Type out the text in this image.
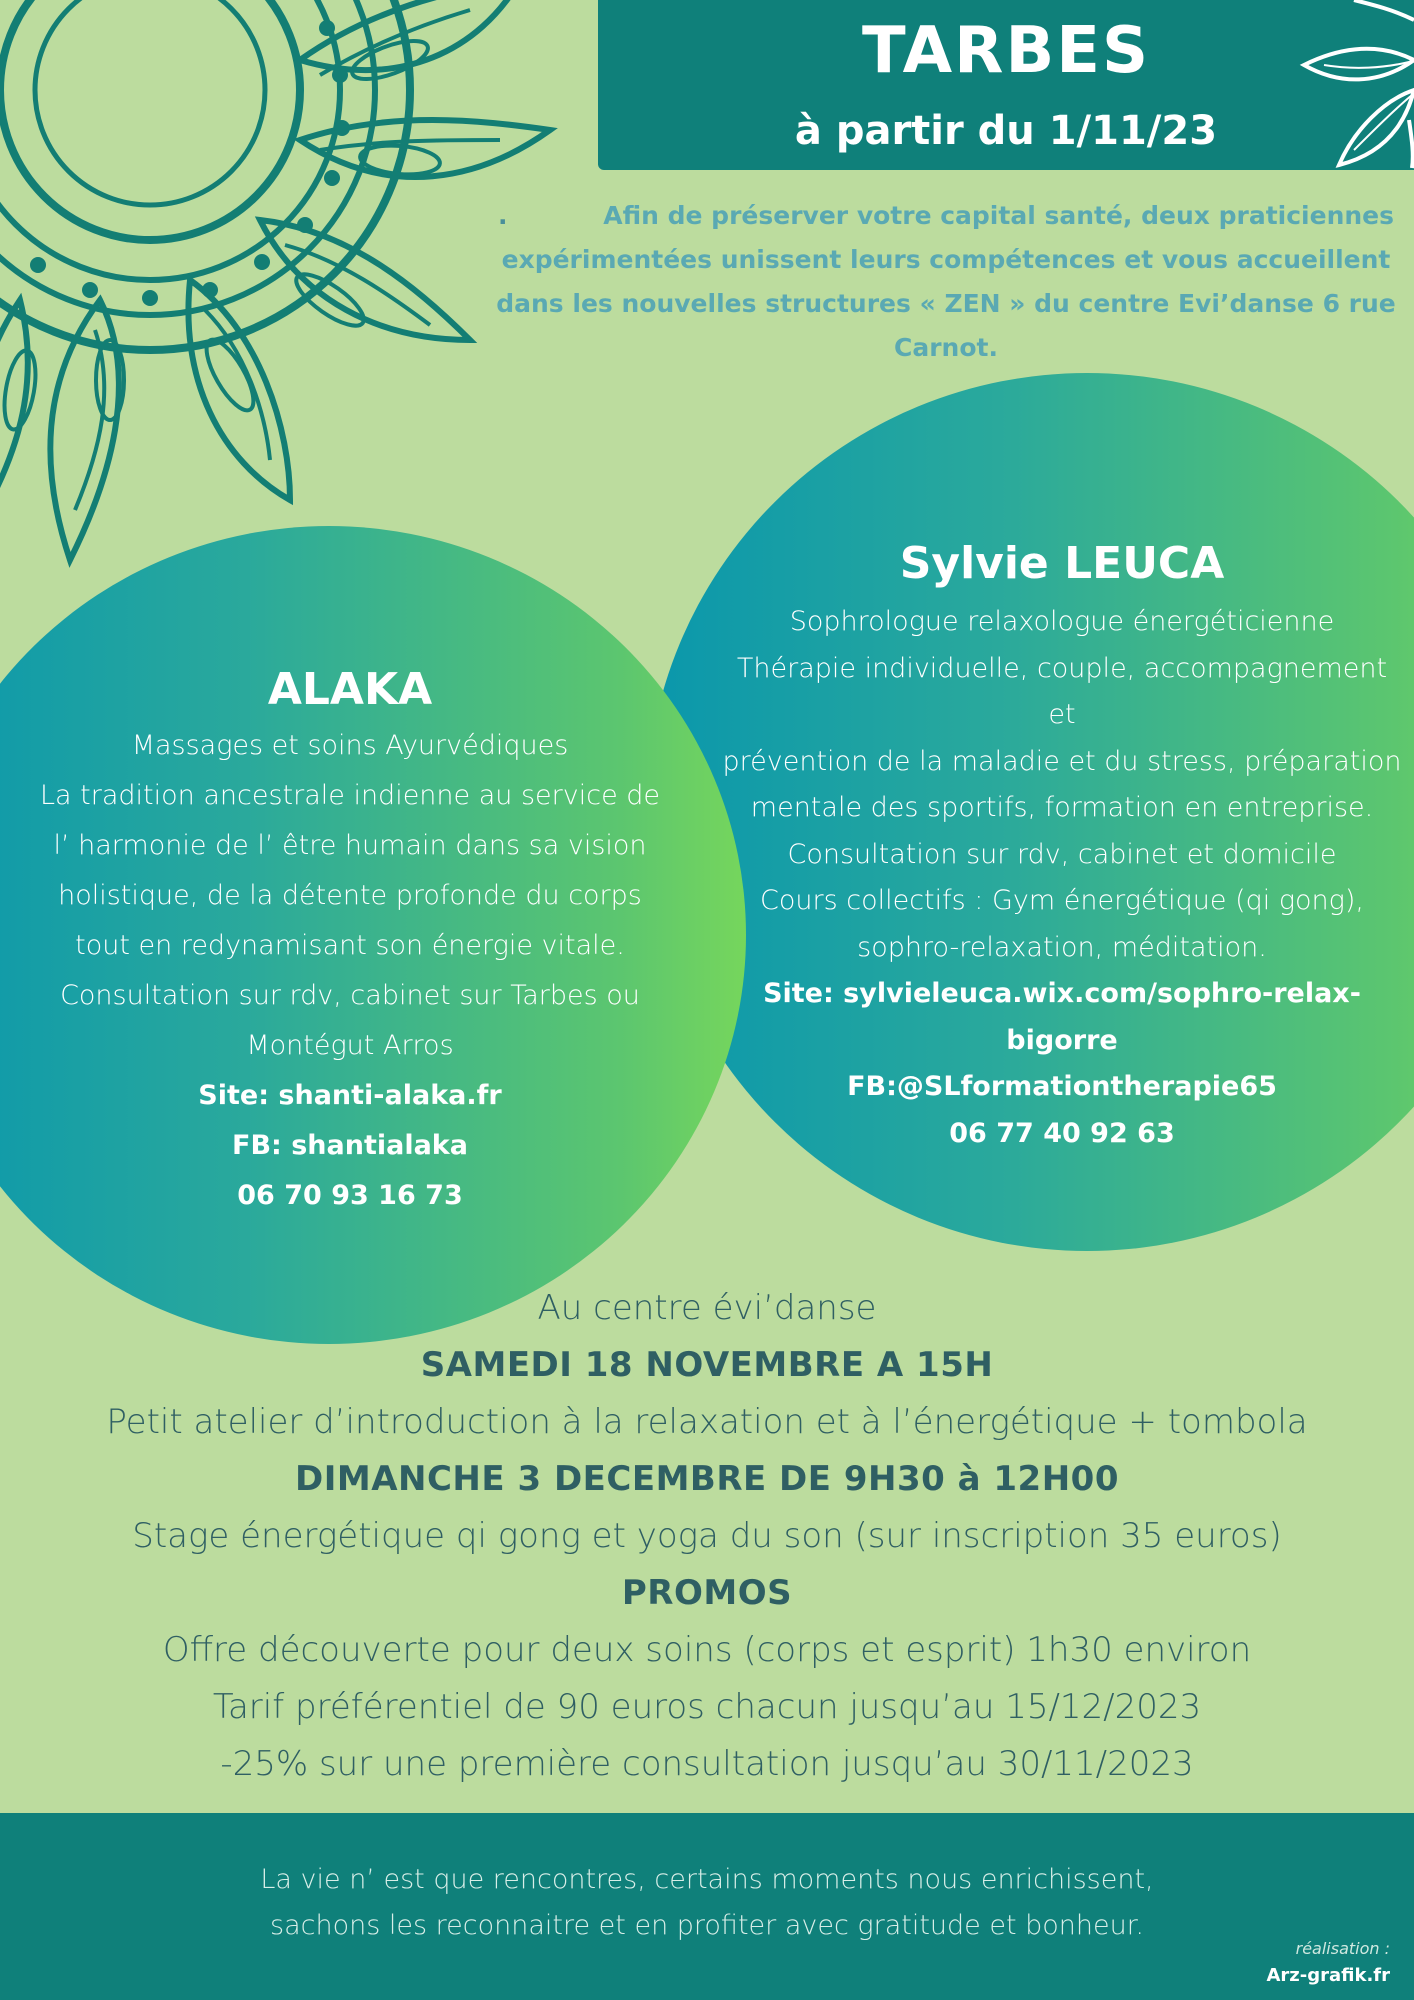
TARBES
à partir du 1/11/23
.	Afin de préserver votre capital santé, deux praticiennes expérimentées unissent leurs compétences et vous accueillent dans les nouvelles structures « ZEN » du centre Evi’danse 6 rue Carnot.
Sylvie LEUCA
Sophrologue relaxologue énergéticienne
Thérapie individuelle, couple, accompagnement et
prévention de la maladie et du stress, préparation
mentale des sportifs, formation en entreprise.
Consultation sur rdv, cabinet et domicile
Cours collectifs : Gym énergétique (qi gong),
sophro-relaxation, méditation.
Site: sylvieleuca.wix.com/sophro-relax-bigorre
FB:@SLformationtherapie65
06 77 40 92 63
ALAKA
Massages et soins Ayurvédiques
La tradition ancestrale indienne au service de
l’ harmonie de l’ être humain dans sa vision
holistique, de la détente profonde du corps
tout en redynamisant son énergie vitale.
Consultation sur rdv, cabinet sur Tarbes ou
Montégut Arros
Site: shanti-alaka.fr
FB: shantialaka
06 70 93 16 73
Au centre évi’danse
SAMEDI 18 NOVEMBRE A 15H
Petit atelier d’introduction à la relaxation et à l’énergétique + tombola
DIMANCHE 3 DECEMBRE DE 9H30 à 12H00
Stage énergétique qi gong et yoga du son (sur inscription 35 euros)
PROMOS
Offre découverte pour deux soins (corps et esprit) 1h30 environ
Tarif préférentiel de 90 euros chacun jusqu’au 15/12/2023
-25% sur une première consultation jusqu’au 30/11/2023
La vie n’ est que rencontres, certains moments nous enrichissent,
sachons les reconnaitre et en profiter avec gratitude et bonheur.
réalisation :
Arz-grafik.fr
